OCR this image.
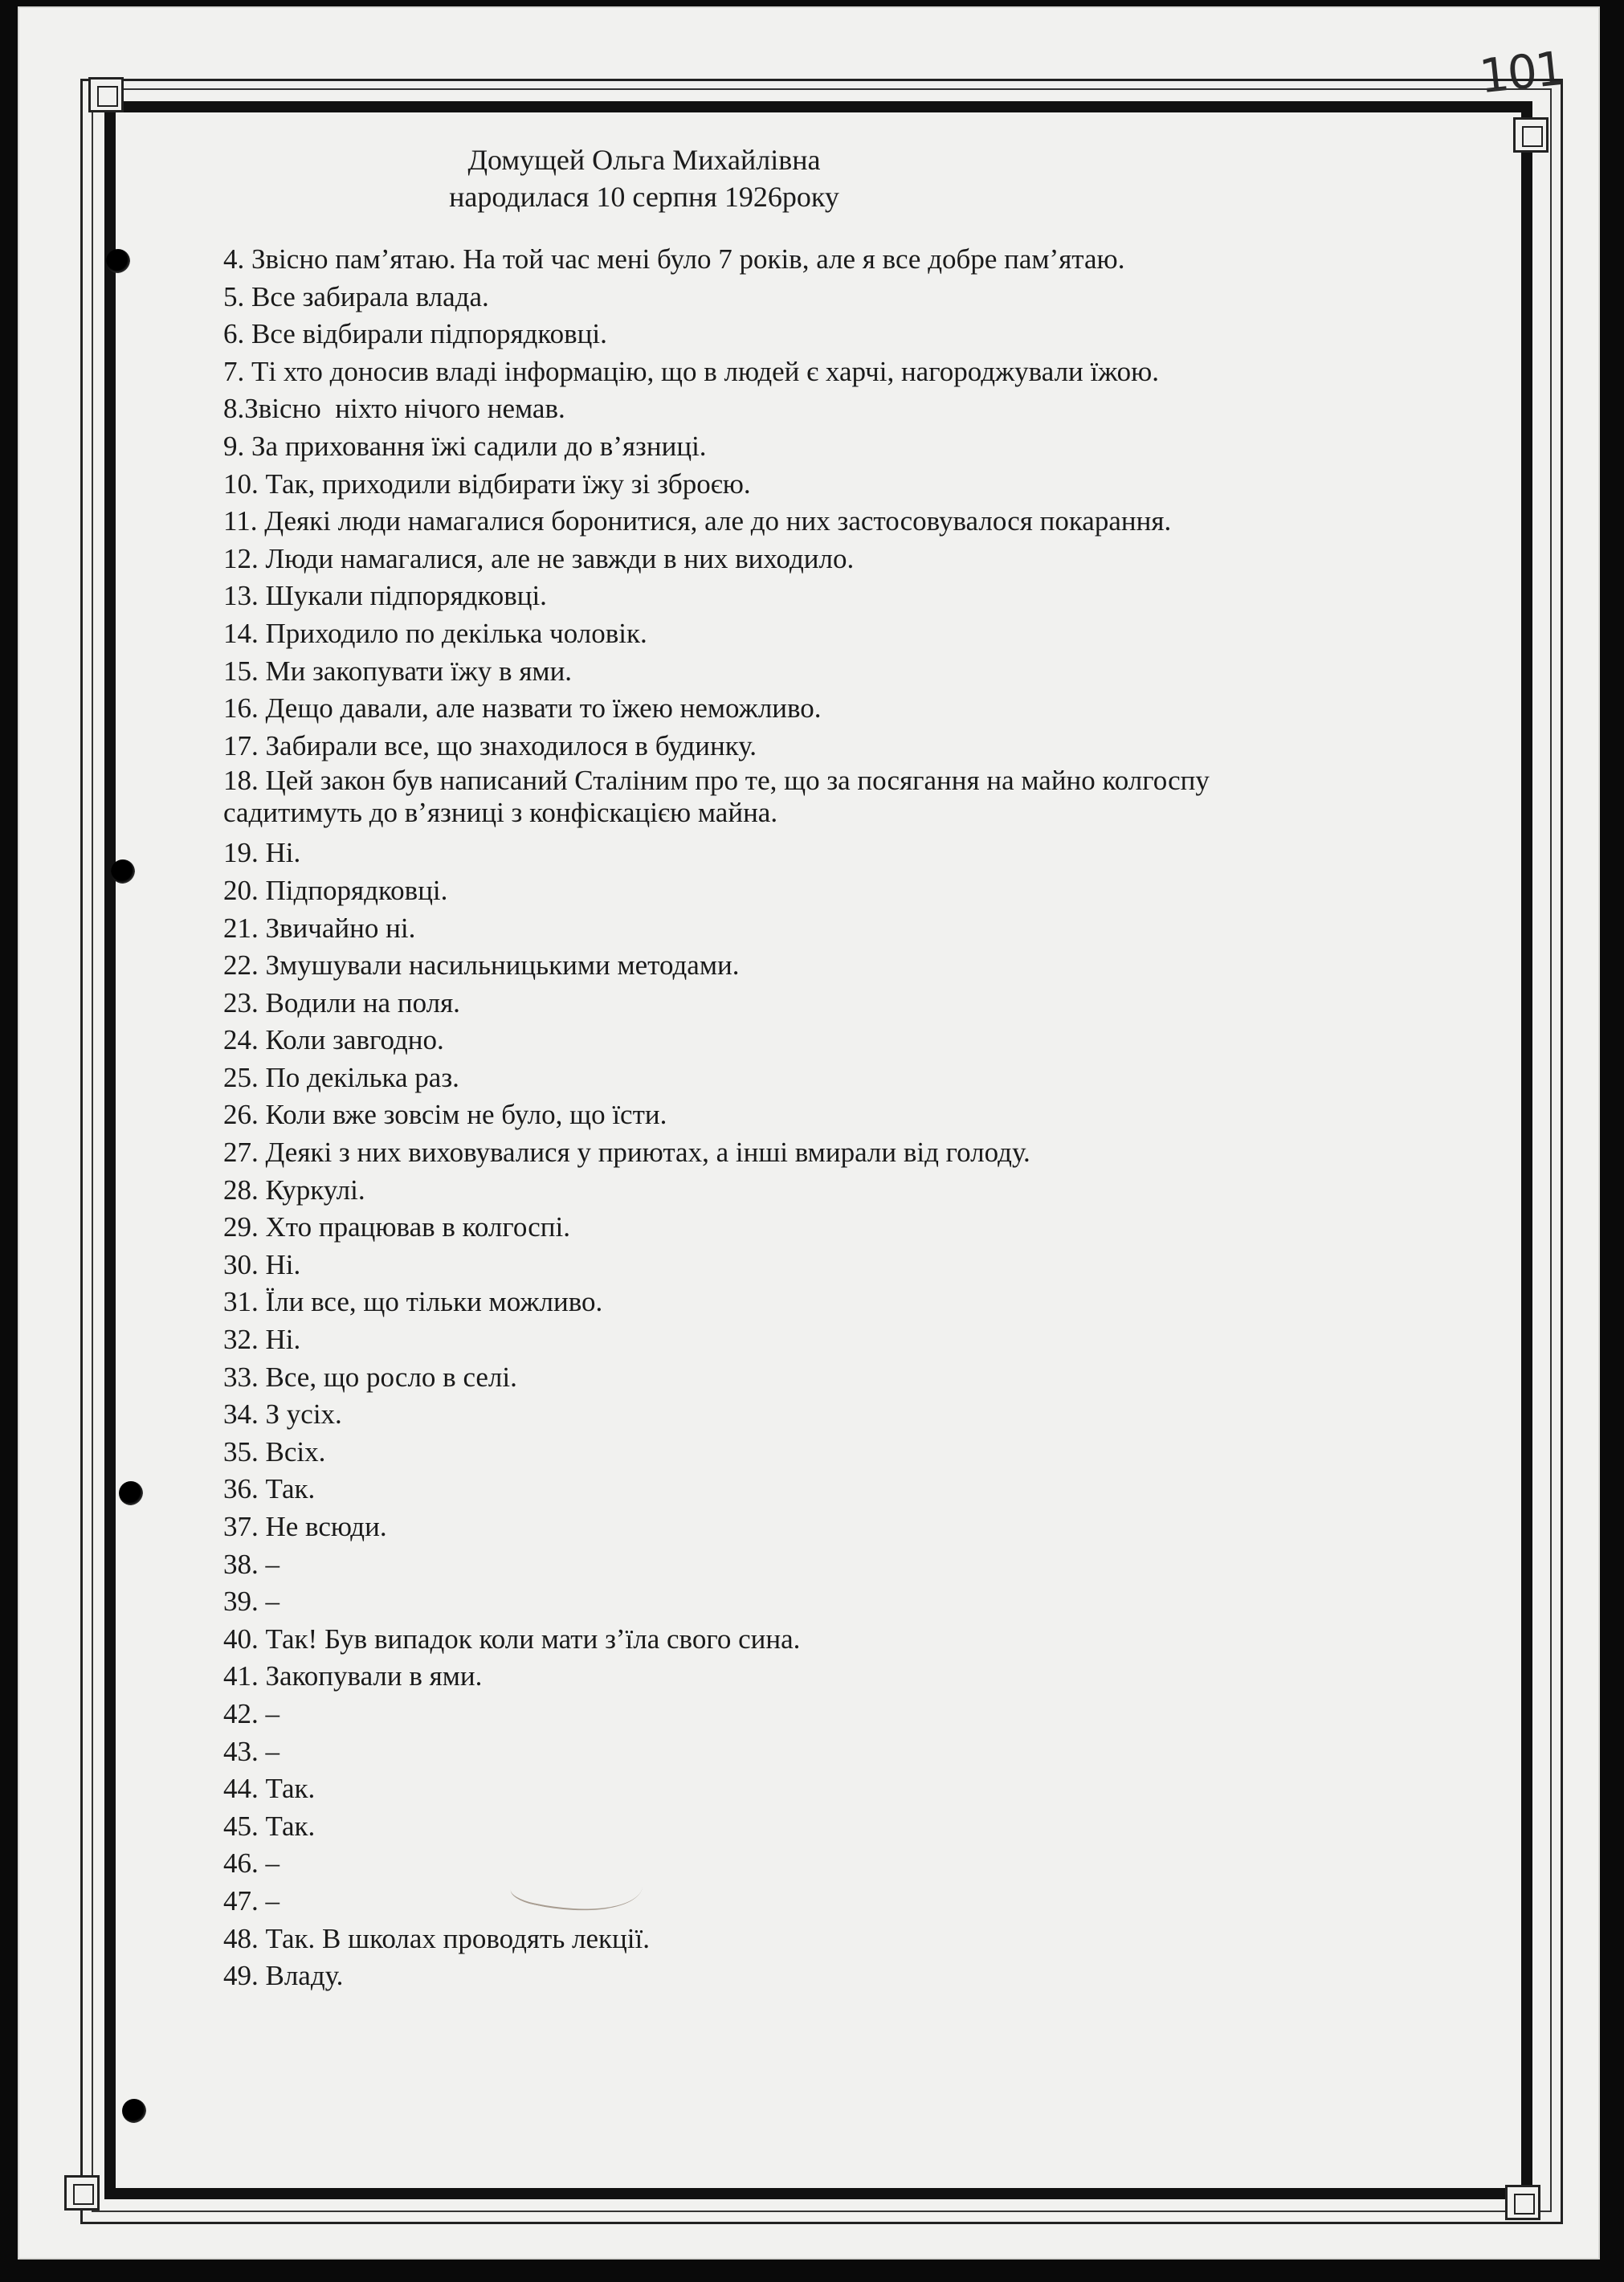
101
Домущей Ольга Михайлівна
народилася 10 серпня 1926року
4. Звісно пам’ятаю. На той час мені було 7 років, але я все добре пам’ятаю.
5. Все забирала влада.
6. Все відбирали підпорядковці.
7. Ті хто доносив владі інформацію, що в людей є харчі, нагороджували їжою.
8.Звісно  ніхто нічого немав.
9. За приховання їжі садили до в’язниці.
10. Так, приходили відбирати їжу зі зброєю.
11. Деякі люди намагалися боронитися, але до них застосовувалося покарання.
12. Люди намагалися, але не завжди в них виходило.
13. Шукали підпорядковці.
14. Приходило по декілька чоловік.
15. Ми закопувати їжу в ями.
16. Дещо давали, але назвати то їжею неможливо.
17. Забирали все, що знаходилося в будинку.
18. Цей закон був написаний Сталіним про те, що за посягання на майно колгоспу
садитимуть до в’язниці з конфіскацією майна.
19. Ні.
20. Підпорядковці.
21. Звичайно ні.
22. Змушували насильницькими методами.
23. Водили на поля.
24. Коли завгодно.
25. По декілька раз.
26. Коли вже зовсім не було, що їсти.
27. Деякі з них виховувалися у приютах, а інші вмирали від голоду.
28. Куркулі.
29. Хто працював в колгоспі.
30. Ні.
31. Їли все, що тільки можливо.
32. Ні.
33. Все, що росло в селі.
34. З усіх.
35. Всіх.
36. Так.
37. Не всюди.
38. –
39. –
40. Так! Був випадок коли мати з’їла свого сина.
41. Закопували в ями.
42. –
43. –
44. Так.
45. Так.
46. –
47. –
48. Так. В школах проводять лекції.
49. Владу.
